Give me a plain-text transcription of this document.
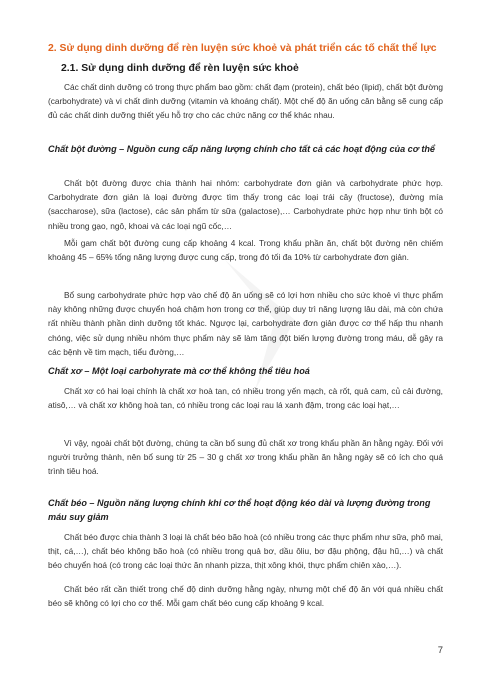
2. Sử dụng dinh dưỡng để rèn luyện sức khoẻ và phát triển các tố chất thể lực
2.1. Sử dụng dinh dưỡng để rèn luyện sức khoẻ

Các chất dinh dưỡng có trong thực phẩm bao gồm: chất đạm (protein), chất béo (lipid), chất bột đường (carbohydrate) và vi chất dinh dưỡng (vitamin và khoáng chất). Một chế độ ăn uống cân bằng sẽ cung cấp đủ các chất dinh dưỡng thiết yếu hỗ trợ cho các chức năng cơ thể khác nhau.

Chất bột đường – Nguồn cung cấp năng lượng chính cho tất cả các hoạt động của cơ thể

Chất bột đường được chia thành hai nhóm: carbohydrate đơn giản và carbohydrate phức hợp. Carbohydrate đơn giản là loại đường được tìm thấy trong các loại trái cây (fructose), đường mía (saccharose), sữa (lactose), các sản phẩm từ sữa (galactose),… Carbohydrate phức hợp như tinh bột có nhiều trong gạo, ngô, khoai và các loại ngũ cốc,…

Mỗi gam chất bột đường cung cấp khoảng 4 kcal. Trong khẩu phần ăn, chất bột đường nên chiếm khoảng 45 – 65% tổng năng lượng được cung cấp, trong đó tối đa 10% từ carbohydrate đơn giản.

Bổ sung carbohydrate phức hợp vào chế độ ăn uống sẽ có lợi hơn nhiều cho sức khoẻ vì thực phẩm này không những được chuyển hoá chậm hơn trong cơ thể, giúp duy trì năng lượng lâu dài, mà còn chứa rất nhiều thành phần dinh dưỡng tốt khác. Ngược lại, carbohydrate đơn giản được cơ thể hấp thu nhanh chóng, việc sử dụng nhiều nhóm thực phẩm này sẽ làm tăng đột biến lượng đường trong máu, dễ gây ra các bệnh về tim mạch, tiểu đường,…

Chất xơ – Một loại carbohyrate mà cơ thể không thể tiêu hoá

Chất xơ có hai loại chính là chất xơ hoà tan, có nhiều trong yến mạch, cà rốt, quả cam, củ cải đường, atisô,… và chất xơ không hoà tan, có nhiều trong các loại rau lá xanh đậm, trong các loại hạt,…

Vì vậy, ngoài chất bột đường, chúng ta cần bổ sung đủ chất xơ trong khẩu phần ăn hằng ngày. Đối với người trưởng thành, nên bổ sung từ 25 – 30 g chất xơ trong khẩu phần ăn hằng ngày sẽ có ích cho quá trình tiêu hoá.

Chất béo – Nguồn năng lượng chính khi cơ thể hoạt động kéo dài và lượng đường trong máu suy giảm

Chất béo được chia thành 3 loại là chất béo bão hoà (có nhiều trong các thực phẩm như sữa, phô mai, thịt, cá,…), chất béo không bão hoà (có nhiều trong quả bơ, dầu ôliu, bơ đậu phộng, đậu hũ,…) và chất béo chuyển hoá (có trong các loại thức ăn nhanh pizza, thịt xông khói, thực phẩm chiên xào,…).

Chất béo rất cần thiết trong chế độ dinh dưỡng hằng ngày, nhưng một chế độ ăn với quá nhiều chất béo sẽ không có lợi cho cơ thể. Mỗi gam chất béo cung cấp khoảng 9 kcal.

7
